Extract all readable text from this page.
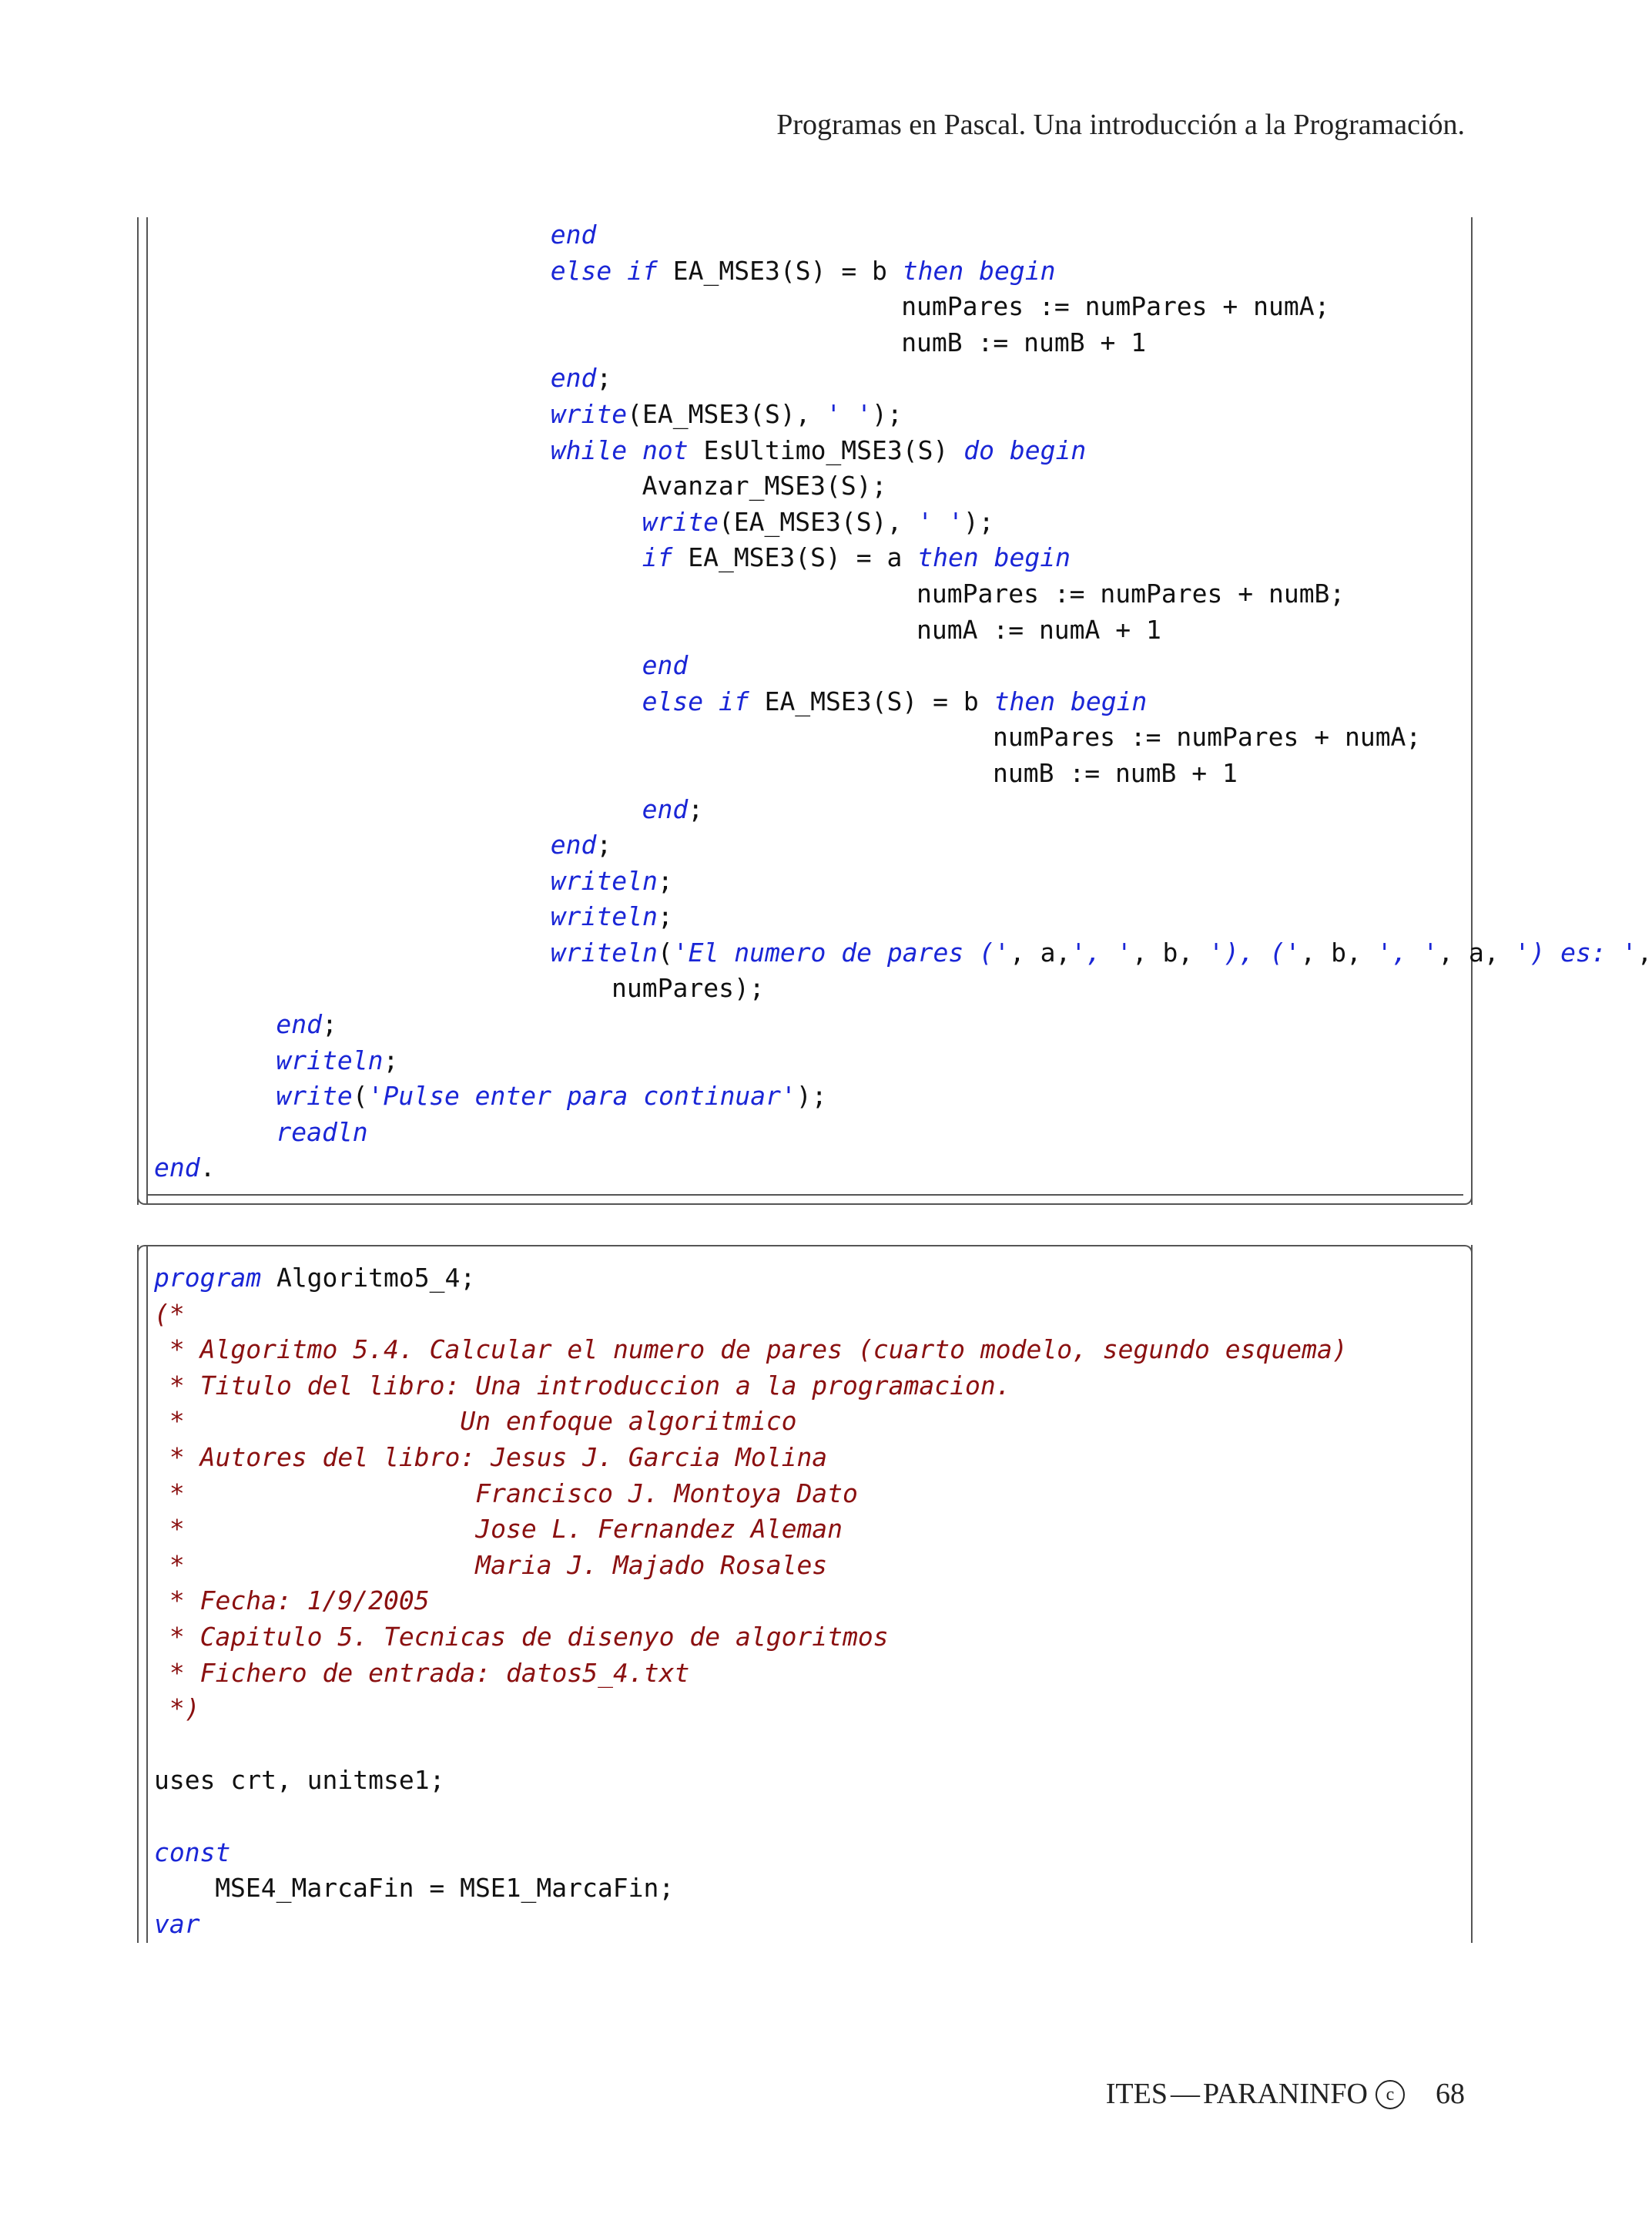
Programas en Pascal. Una introducción a la Programación.
end
else if EA_MSE3(S) = b then begin
numPares := numPares + numA;
numB := numB + 1
end;
write(EA_MSE3(S), ' ');
while not EsUltimo_MSE3(S) do begin
Avanzar_MSE3(S);
write(EA_MSE3(S), ' ');
if EA_MSE3(S) = a then begin
numPares := numPares + numB;
numA := numA + 1
end
else if EA_MSE3(S) = b then begin
numPares := numPares + numA;
numB := numB + 1
end;
end;
writeln;
writeln;
writeln('El numero de pares (', a,', ', b, '), (', b, ', ', a, ') es: ',
numPares);
end;
writeln;
write('Pulse enter para continuar');
readln
end.
program Algoritmo5_4;
(*
* Algoritmo 5.4. Calcular el numero de pares (cuarto modelo, segundo esquema)
* Titulo del libro: Una introduccion a la programacion.
*                  Un enfoque algoritmico
* Autores del libro: Jesus J. Garcia Molina
*                   Francisco J. Montoya Dato
*                   Jose L. Fernandez Aleman
*                   Maria J. Majado Rosales
* Fecha: 1/9/2005
* Capitulo 5. Tecnicas de disenyo de algoritmos
* Fichero de entrada: datos5_4.txt
*)
uses crt, unitmse1;
const
MSE4_MarcaFin = MSE1_MarcaFin;
var
ITES — PARANINFO c 68
